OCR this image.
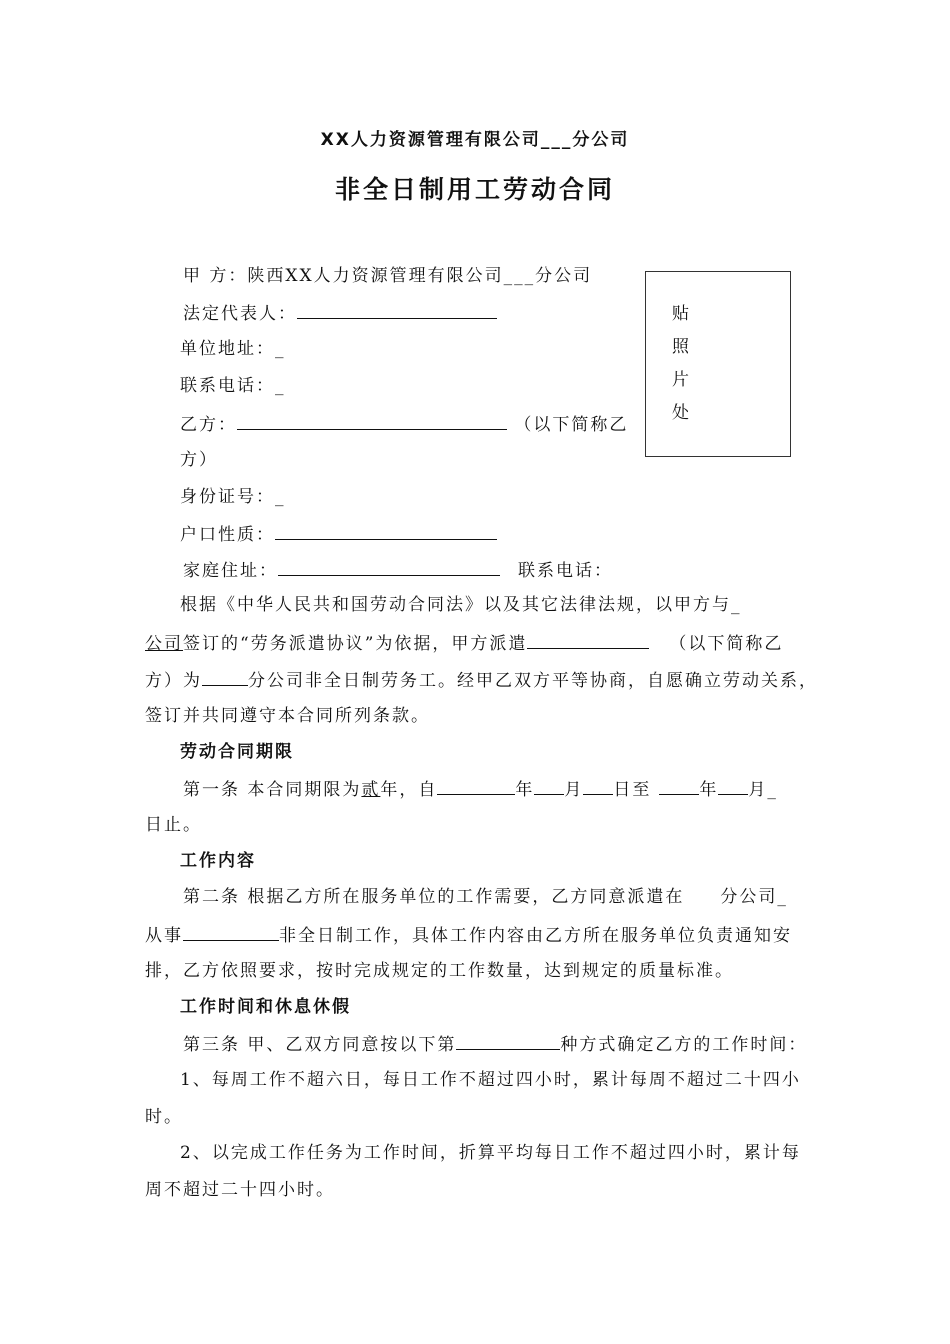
XX人力资源管理有限公司___分公司
非全日制用工劳动合同
贴
照
片
处
甲 方：陕西XX人力资源管理有限公司___分公司
法定代表人：
单位地址：_
联系电话：_
乙方：	（以下简称乙
方）
身份证号：_
户口性质：
家庭住址：	联系电话：
根据《中华人民共和国劳动合同法》以及其它法律法规，以甲方与_
公司签订的“劳务派遣协议”为依据，甲方派遣	（以下简称乙
方）为	分公司非全日制劳务工。经甲乙双方平等协商，自愿确立劳动关系，
签订并共同遵守本合同所列条款。
劳动合同期限
第一条 本合同期限为贰年，自	年 月 日至	年 月_
日止。
工作内容
第二条 根据乙方所在服务单位的工作需要，乙方同意派遣在 分公司_
从事	非全日制工作，具体工作内容由乙方所在服务单位负责通知安
排，乙方依照要求，按时完成规定的工作数量，达到规定的质量标准。
工作时间和休息休假
第三条 甲、乙双方同意按以下第	种方式确定乙方的工作时间：
1、每周工作不超六日，每日工作不超过四小时，累计每周不超过二十四小
时。
2、以完成工作任务为工作时间，折算平均每日工作不超过四小时，累计每
周不超过二十四小时。
